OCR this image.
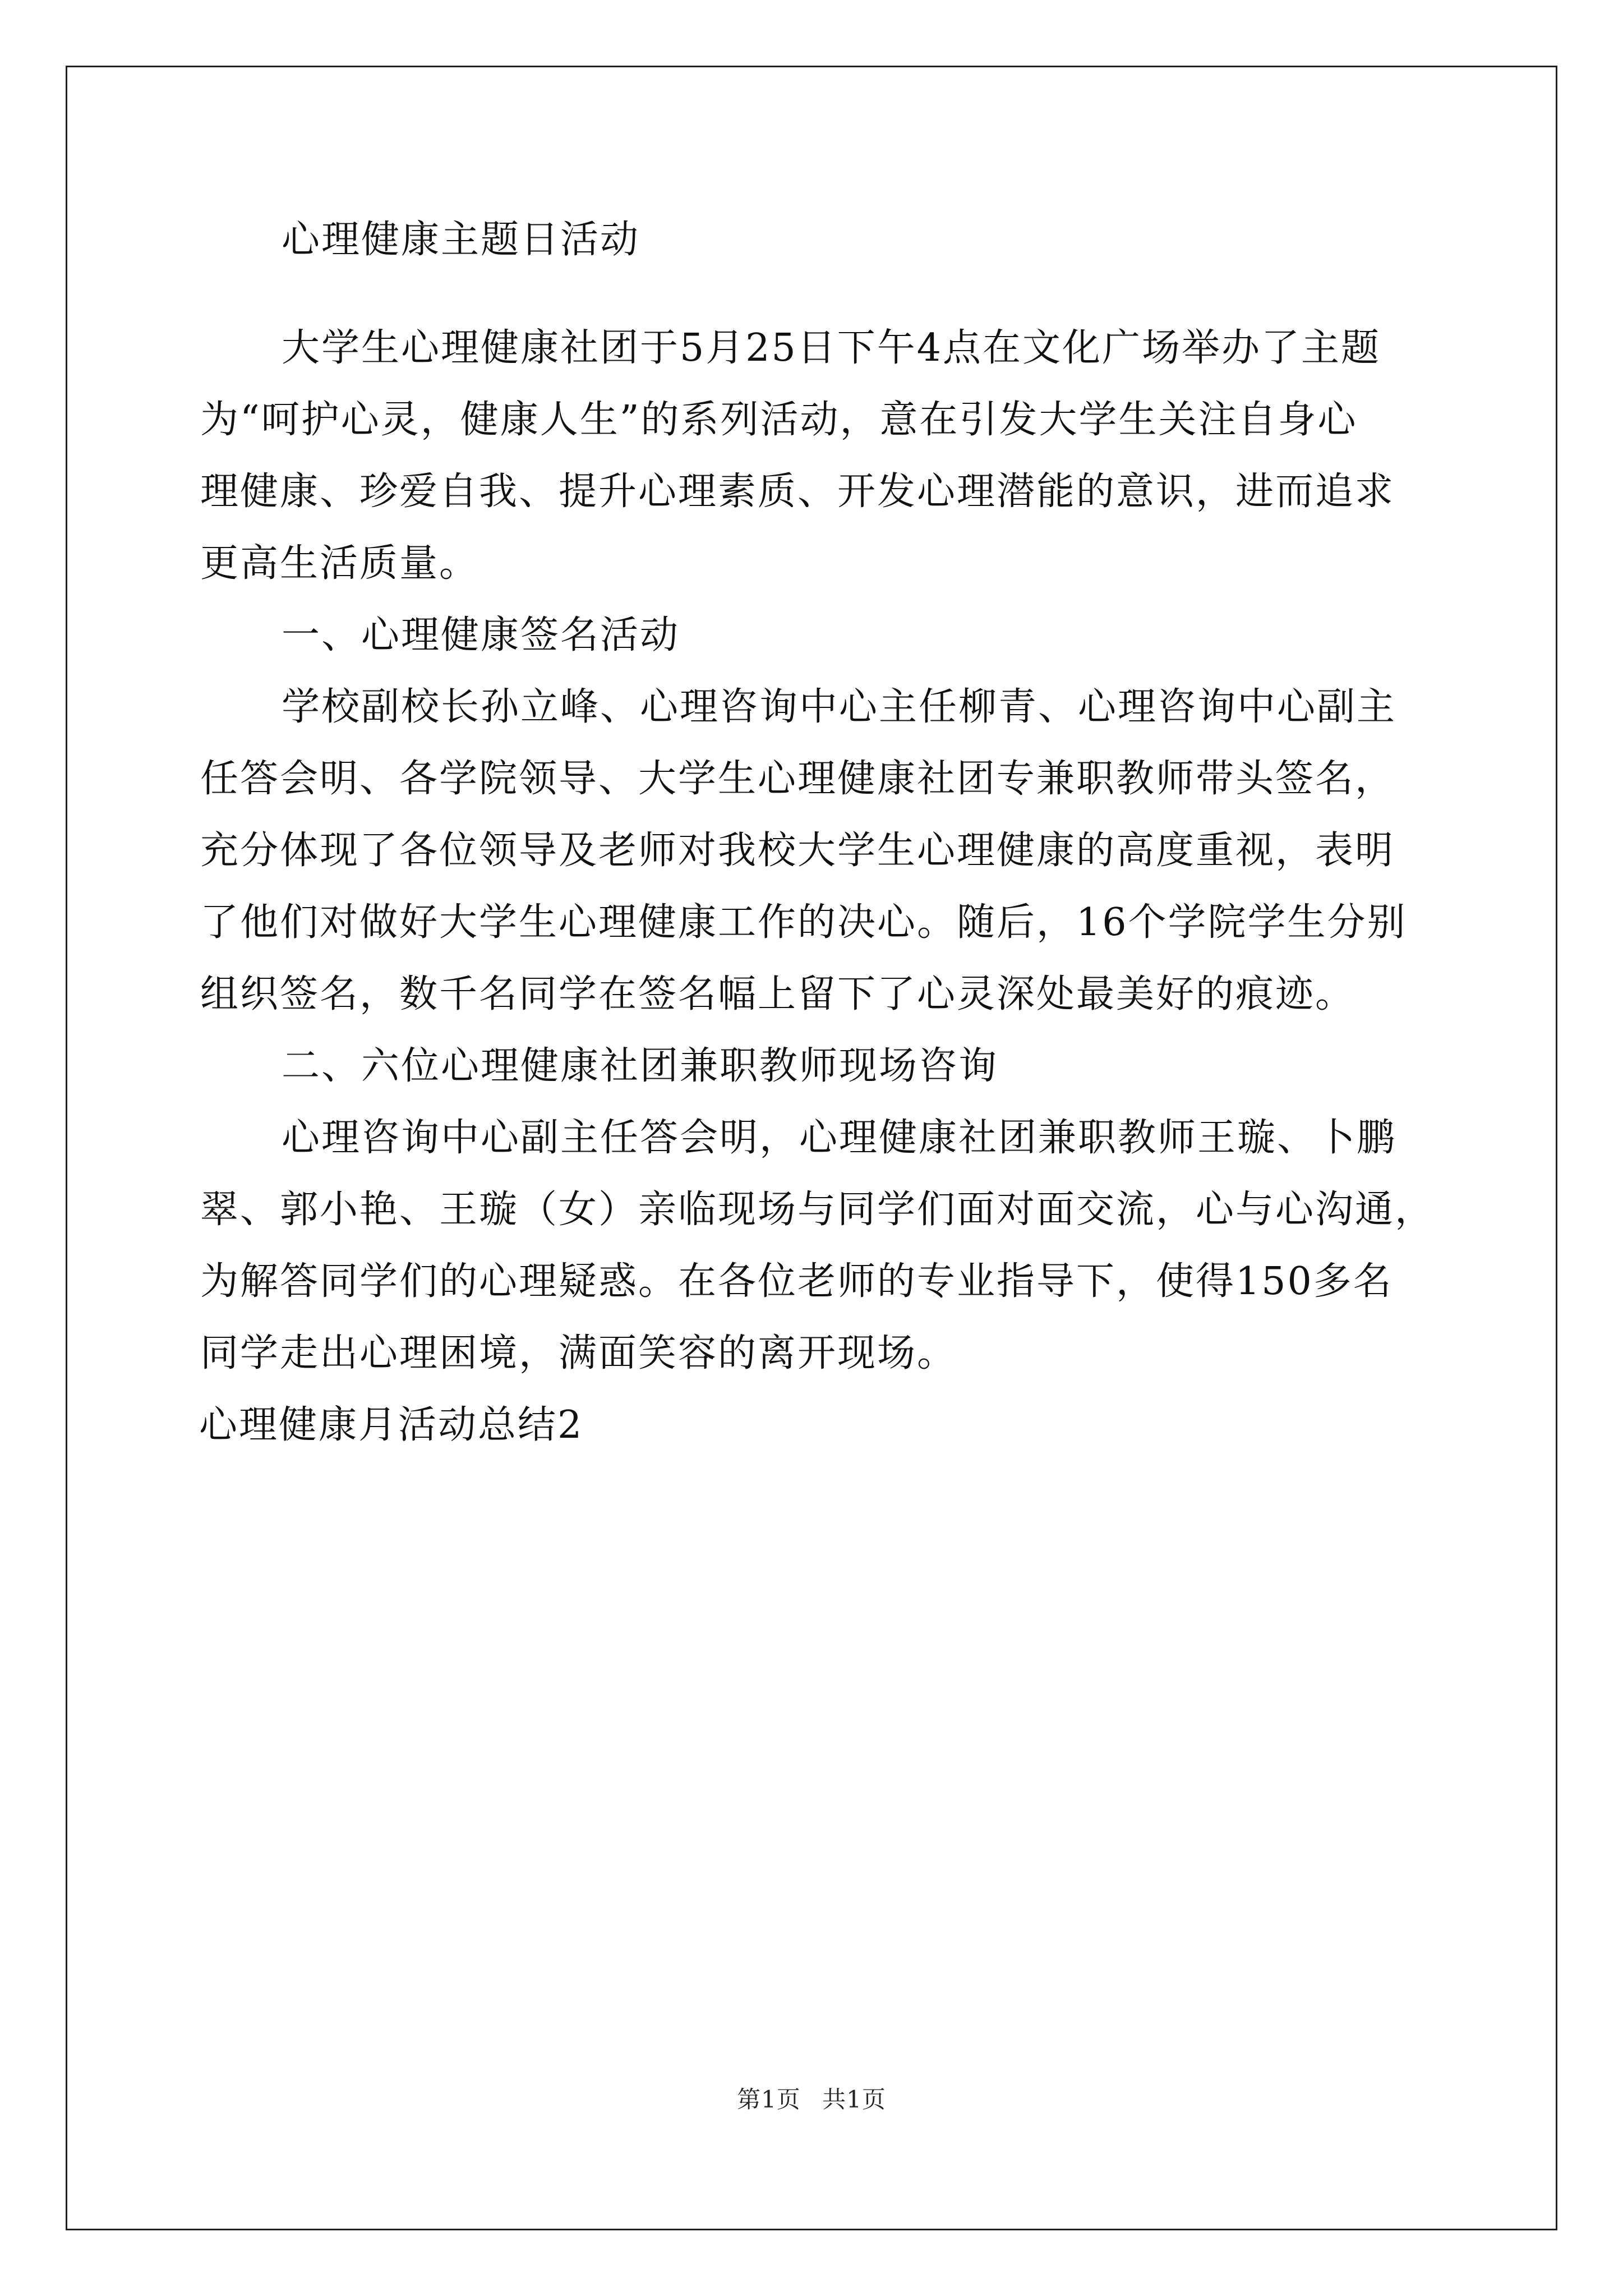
心理健康主题日活动
大学生心理健康社团于5月25日下午4点在文化广场举办了主题
为“呵护心灵，健康人生”的系列活动，意在引发大学生关注自身心
理健康、珍爱自我、提升心理素质、开发心理潜能的意识，进而追求
更高生活质量。
一、心理健康签名活动
学校副校长孙立峰、心理咨询中心主任柳青、心理咨询中心副主
任答会明、各学院领导、大学生心理健康社团专兼职教师带头签名，
充分体现了各位领导及老师对我校大学生心理健康的高度重视，表明
了他们对做好大学生心理健康工作的决心。随后，16个学院学生分别
组织签名，数千名同学在签名幅上留下了心灵深处最美好的痕迹。
二、六位心理健康社团兼职教师现场咨询
心理咨询中心副主任答会明，心理健康社团兼职教师王璇、卜鹏
翠、郭小艳、王璇（女）亲临现场与同学们面对面交流，心与心沟通，
为解答同学们的心理疑惑。在各位老师的专业指导下，使得150多名
同学走出心理困境，满面笑容的离开现场。
心理健康月活动总结2
第1页 共1页
